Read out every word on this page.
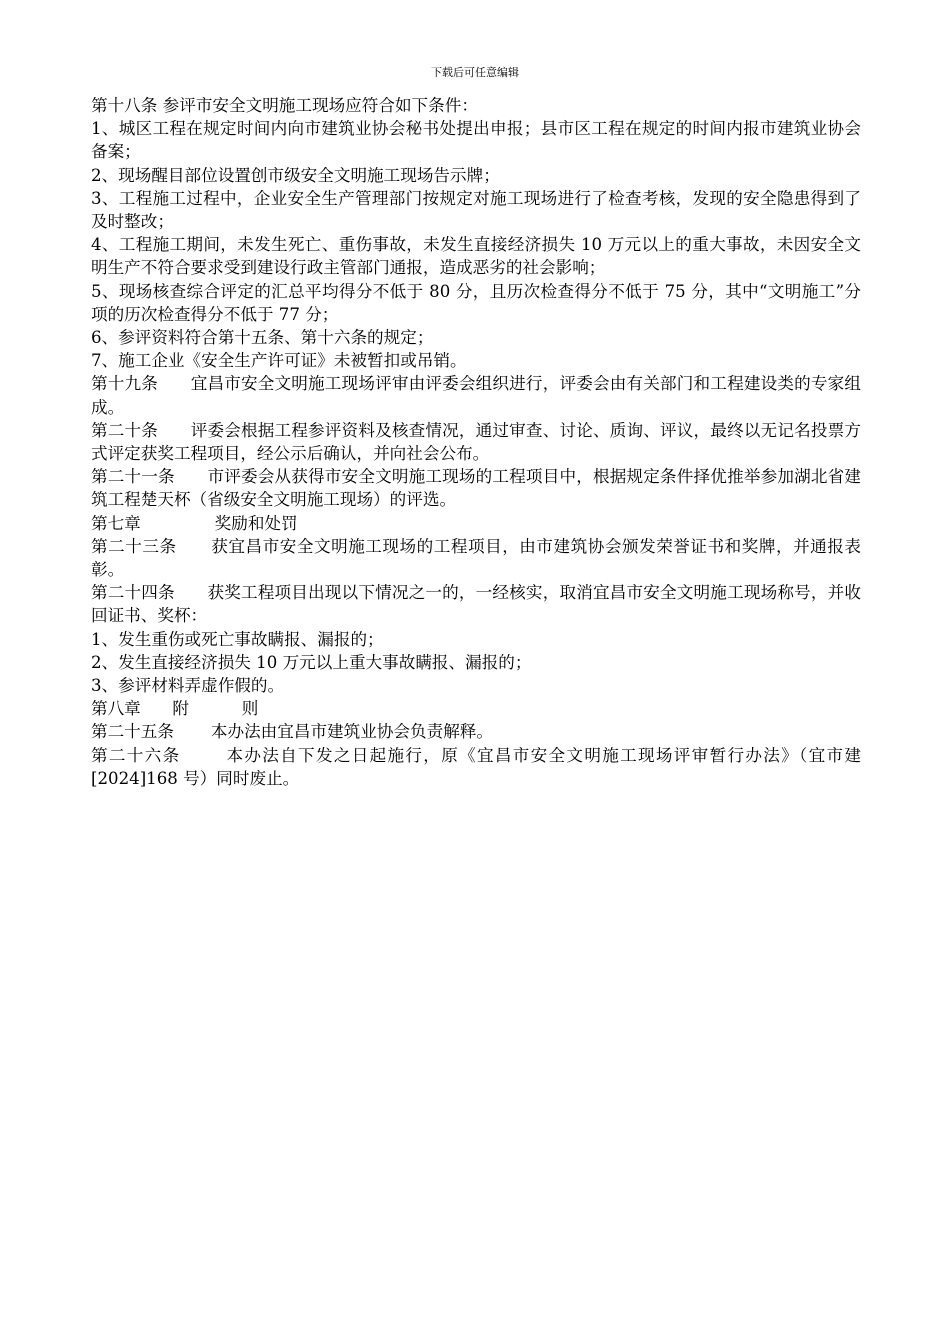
下载后可任意编辑

第十八条 参评市安全文明施工现场应符合如下条件：

1、城区工程在规定时间内向市建筑业协会秘书处提出申报；县市区工程在规定的时间内报市建筑业协会备案；

2、现场醒目部位设置创市级安全文明施工现场告示牌；

3、工程施工过程中，企业安全生产管理部门按规定对施工现场进行了检查考核，发现的安全隐患得到了及时整改；

4、工程施工期间，未发生死亡、重伤事故，未发生直接经济损失 10 万元以上的重大事故，未因安全文明生产不符合要求受到建设行政主管部门通报，造成恶劣的社会影响；

5、现场核查综合评定的汇总平均得分不低于 80 分，且历次检查得分不低于 75 分，其中“文明施工”分项的历次检查得分不低于 77 分；

6、参评资料符合第十五条、第十六条的规定；

7、施工企业《安全生产许可证》未被暂扣或吊销。

第十九条      宜昌市安全文明施工现场评审由评委会组织进行，评委会由有关部门和工程建设类的专家组成。

第二十条      评委会根据工程参评资料及核查情况，通过审查、讨论、质询、评议，最终以无记名投票方式评定获奖工程项目，经公示后确认，并向社会公布。

第二十一条      市评委会从获得市安全文明施工现场的工程项目中，根据规定条件择优推举参加湖北省建筑工程楚天杯（省级安全文明施工现场）的评选。

第七章              奖励和处罚

第二十三条      获宜昌市安全文明施工现场的工程项目，由市建筑协会颁发荣誉证书和奖牌，并通报表彰。

第二十四条      获奖工程项目出现以下情况之一的，一经核实，取消宜昌市安全文明施工现场称号，并收回证书、奖杯：

1、发生重伤或死亡事故瞒报、漏报的；

2、发生直接经济损失 10 万元以上重大事故瞒报、漏报的；

3、参评材料弄虚作假的。

第八章      附          则

第二十五条       本办法由宜昌市建筑业协会负责解释。

第二十六条       本办法自下发之日起施行，原《宜昌市安全文明施工现场评审暂行办法》（宜市建[2024]168 号）同时废止。
